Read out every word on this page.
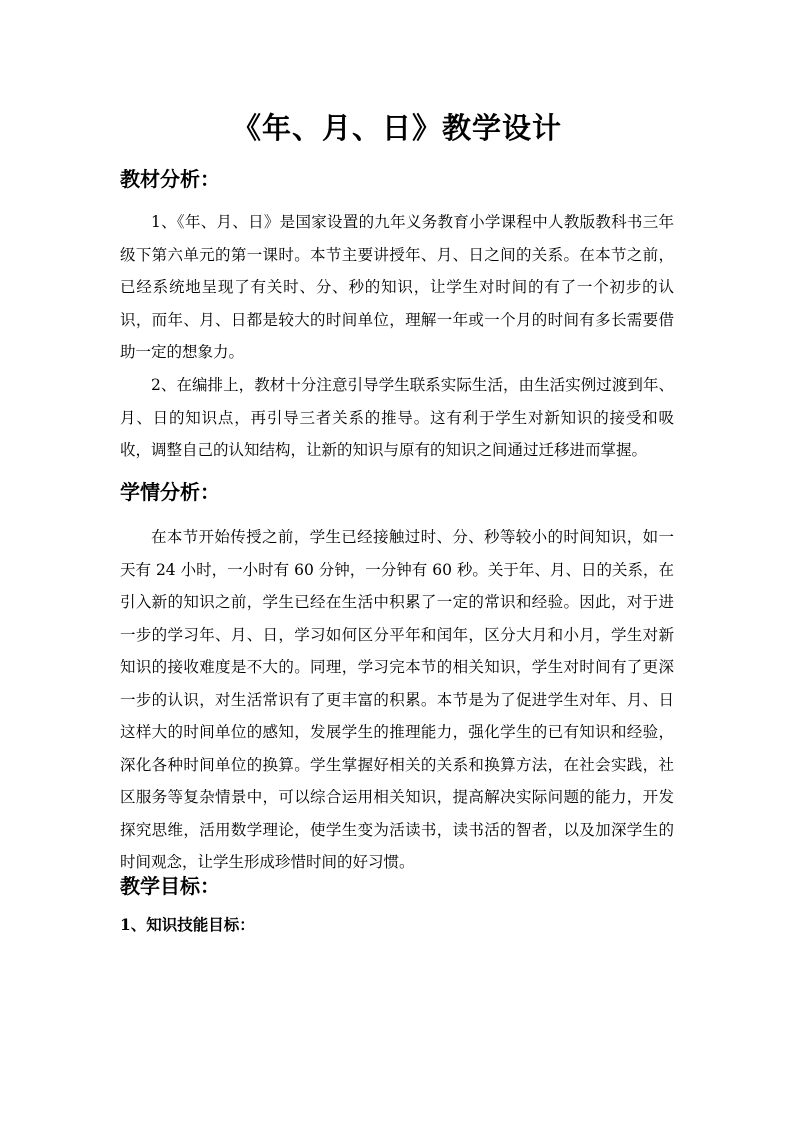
《年、月、日》教学设计
教材分析：

1、《年、月、日》是国家设置的九年义务教育小学课程中人教版教科书三年级下第六单元的第一课时。本节主要讲授年、月、日之间的关系。在本节之前，已经系统地呈现了有关时、分、秒的知识，让学生对时间的有了一个初步的认识，而年、月、日都是较大的时间单位，理解一年或一个月的时间有多长需要借助一定的想象力。

2、在编排上，教材十分注意引导学生联系实际生活，由生活实例过渡到年、月、日的知识点，再引导三者关系的推导。这有利于学生对新知识的接受和吸收，调整自己的认知结构，让新的知识与原有的知识之间通过迁移进而掌握。

学情分析：

在本节开始传授之前，学生已经接触过时、分、秒等较小的时间知识，如一天有 24 小时，一小时有 60 分钟，一分钟有 60 秒。关于年、月、日的关系，在引入新的知识之前，学生已经在生活中积累了一定的常识和经验。因此，对于进一步的学习年、月、日，学习如何区分平年和闰年，区分大月和小月，学生对新知识的接收难度是不大的。同理，学习完本节的相关知识，学生对时间有了更深一步的认识，对生活常识有了更丰富的积累。本节是为了促进学生对年、月、日这样大的时间单位的感知，发展学生的推理能力，强化学生的已有知识和经验，深化各种时间单位的换算。学生掌握好相关的关系和换算方法，在社会实践，社区服务等复杂情景中，可以综合运用相关知识，提高解决实际问题的能力，开发探究思维，活用数学理论，使学生变为活读书，读书活的智者，以及加深学生的时间观念，让学生形成珍惜时间的好习惯。

教学目标：
1、知识技能目标：
